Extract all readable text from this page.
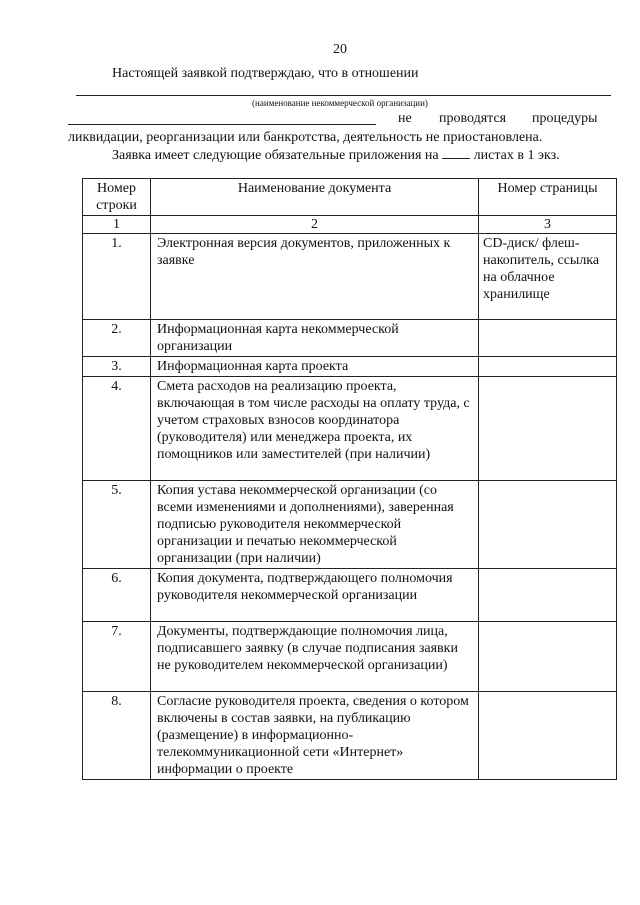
20
Настоящей заявкой подтверждаю, что в отношении
(наименование некоммерческой организации)
не проводятся процедуры
ликвидации, реорганизации или банкротства, деятельность не приостановлена.
Заявка имеет следующие обязательные приложения на	листах в 1 экз.
Номер строки	Наименование документа	Номер страницы
1	2	3
1.	Электронная версия документов, приложенных к заявке	CD-диск/ флеш-накопитель, ссылка на облачное хранилище
2.	Информационная карта некоммерческой организации	
3.	Информационная карта проекта	
4.	Смета расходов на реализацию проекта, включающая в том числе расходы на оплату труда, с учетом страховых взносов координатора (руководителя) или менеджера проекта, их помощников или заместителей (при наличии)	
5.	Копия устава некоммерческой организации (со всеми изменениями и дополнениями), заверенная подписью руководителя некоммерческой организации и печатью некоммерческой организации (при наличии)	
6.	Копия документа, подтверждающего полномочия руководителя некоммерческой организации	
7.	Документы, подтверждающие полномочия лица, подписавшего заявку (в случае подписания заявки не руководителем некоммерческой организации)	
8.	Согласие руководителя проекта, сведения о котором включены в состав заявки, на публикацию (размещение) в информационно-телекоммуникационной сети «Интернет» информации о проекте	
